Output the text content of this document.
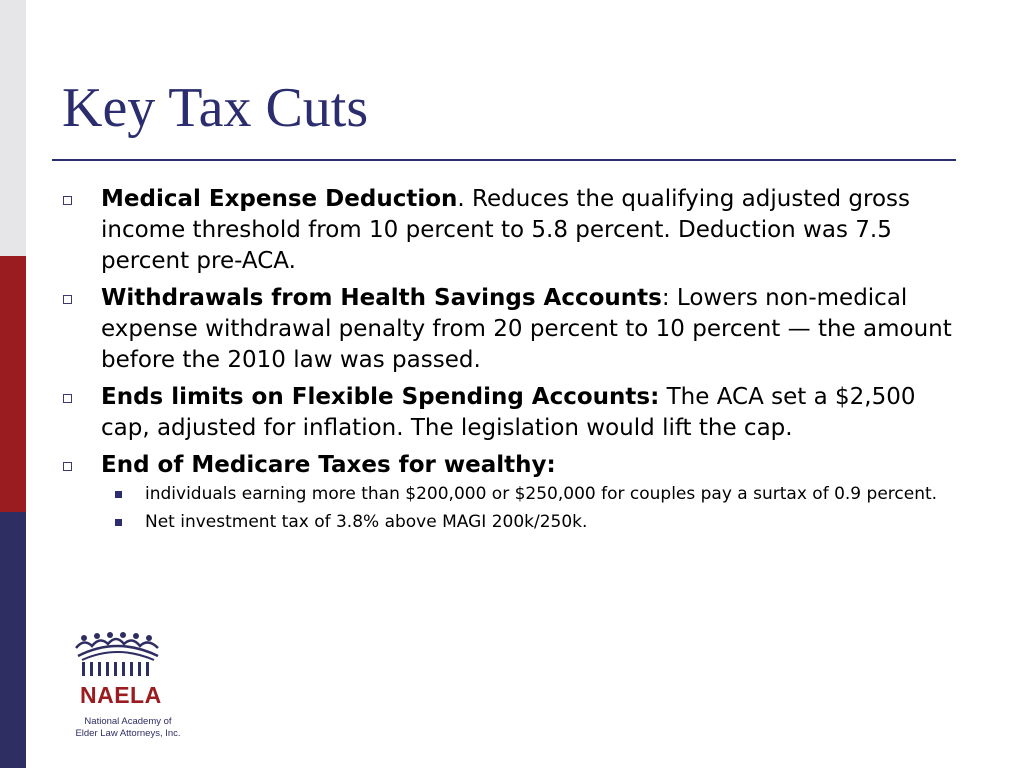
Key Tax Cuts
Medical Expense Deduction. Reduces the qualifying adjusted gross income threshold from 10 percent to 5.8 percent. Deduction was 7.5 percent pre-ACA.
Withdrawals from Health Savings Accounts: Lowers non-medical expense withdrawal penalty from 20 percent to 10 percent — the amount before the 2010 law was passed.
Ends limits on Flexible Spending Accounts: The ACA set a $2,500 cap, adjusted for inflation. The legislation would lift the cap.
End of Medicare Taxes for wealthy:
individuals earning more than $200,000 or $250,000 for couples pay a surtax of 0.9 percent.
Net investment tax of 3.8% above MAGI 200k/250k.
NAELA
National Academy of
Elder Law Attorneys, Inc.
